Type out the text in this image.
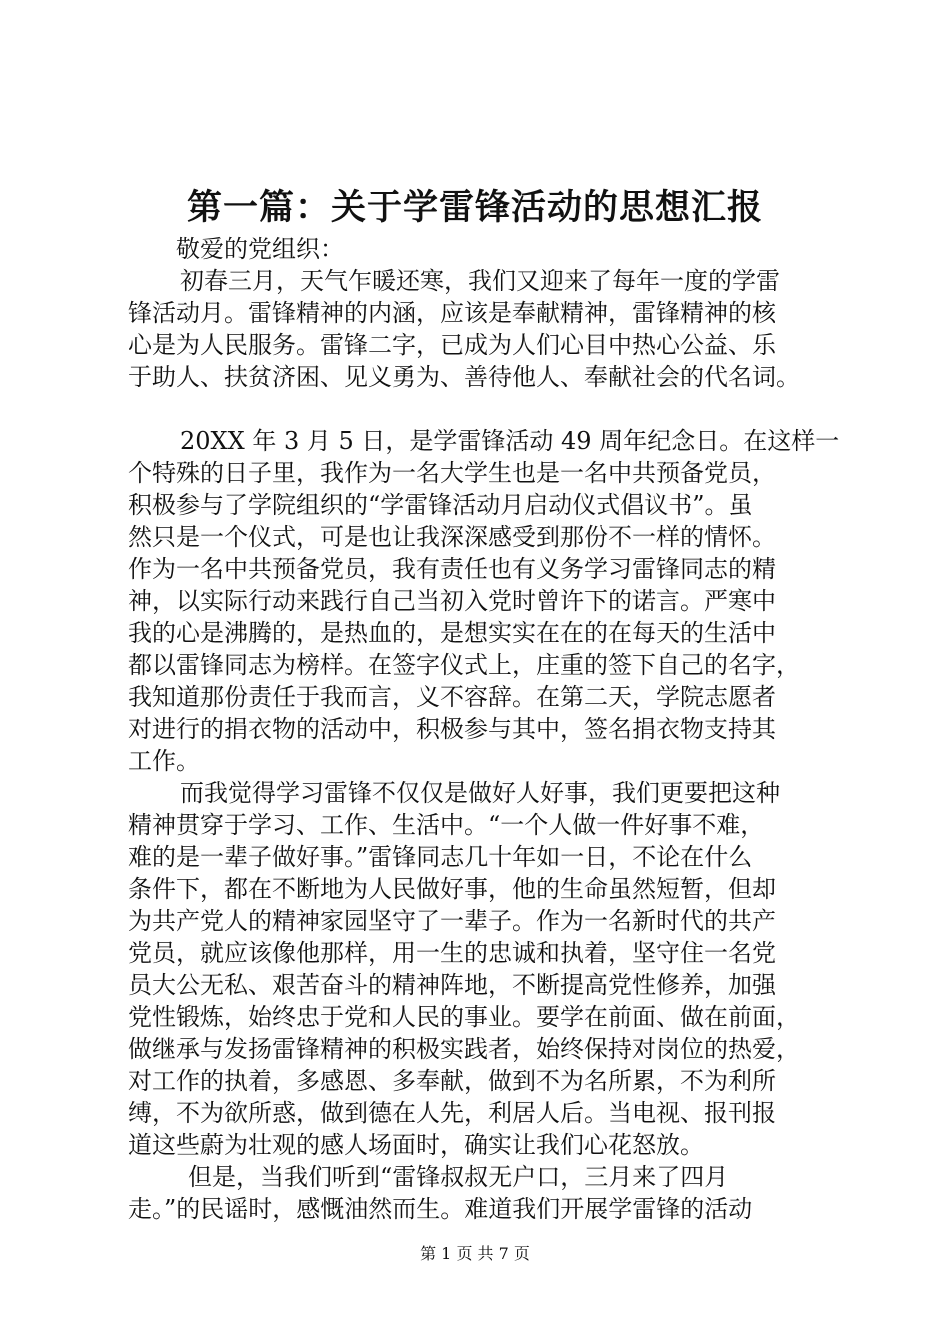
第一篇：关于学雷锋活动的思想汇报
敬爱的党组织：
初春三月，天气乍暖还寒，我们又迎来了每年一度的学雷
锋活动月。雷锋精神的内涵，应该是奉献精神，雷锋精神的核
心是为人民服务。雷锋二字，已成为人们心目中热心公益、乐
于助人、扶贫济困、见义勇为、善待他人、奉献社会的代名词。
20XX 年 3 月 5 日，是学雷锋活动 49 周年纪念日。在这样一
个特殊的日子里，我作为一名大学生也是一名中共预备党员，
积极参与了学院组织的“学雷锋活动月启动仪式倡议书”。虽
然只是一个仪式，可是也让我深深感受到那份不一样的情怀。
作为一名中共预备党员，我有责任也有义务学习雷锋同志的精
神，以实际行动来践行自己当初入党时曾许下的诺言。严寒中
我的心是沸腾的，是热血的，是想实实在在的在每天的生活中
都以雷锋同志为榜样。在签字仪式上，庄重的签下自己的名字，
我知道那份责任于我而言，义不容辞。在第二天，学院志愿者
对进行的捐衣物的活动中，积极参与其中，签名捐衣物支持其
工作。
而我觉得学习雷锋不仅仅是做好人好事，我们更要把这种
精神贯穿于学习、工作、生活中。“一个人做一件好事不难，
难的是一辈子做好事。”雷锋同志几十年如一日，不论在什么
条件下，都在不断地为人民做好事，他的生命虽然短暂，但却
为共产党人的精神家园坚守了一辈子。作为一名新时代的共产
党员，就应该像他那样，用一生的忠诚和执着，坚守住一名党
员大公无私、艰苦奋斗的精神阵地，不断提高党性修养，加强
党性锻炼，始终忠于党和人民的事业。要学在前面、做在前面，
做继承与发扬雷锋精神的积极实践者，始终保持对岗位的热爱，
对工作的执着，多感恩、多奉献，做到不为名所累，不为利所
缚，不为欲所惑，做到德在人先，利居人后。当电视、报刊报
道这些蔚为壮观的感人场面时，确实让我们心花怒放。
但是，当我们听到“雷锋叔叔无户口，三月来了四月
走。”的民谣时，感慨油然而生。难道我们开展学雷锋的活动
第 1 页 共 7 页
